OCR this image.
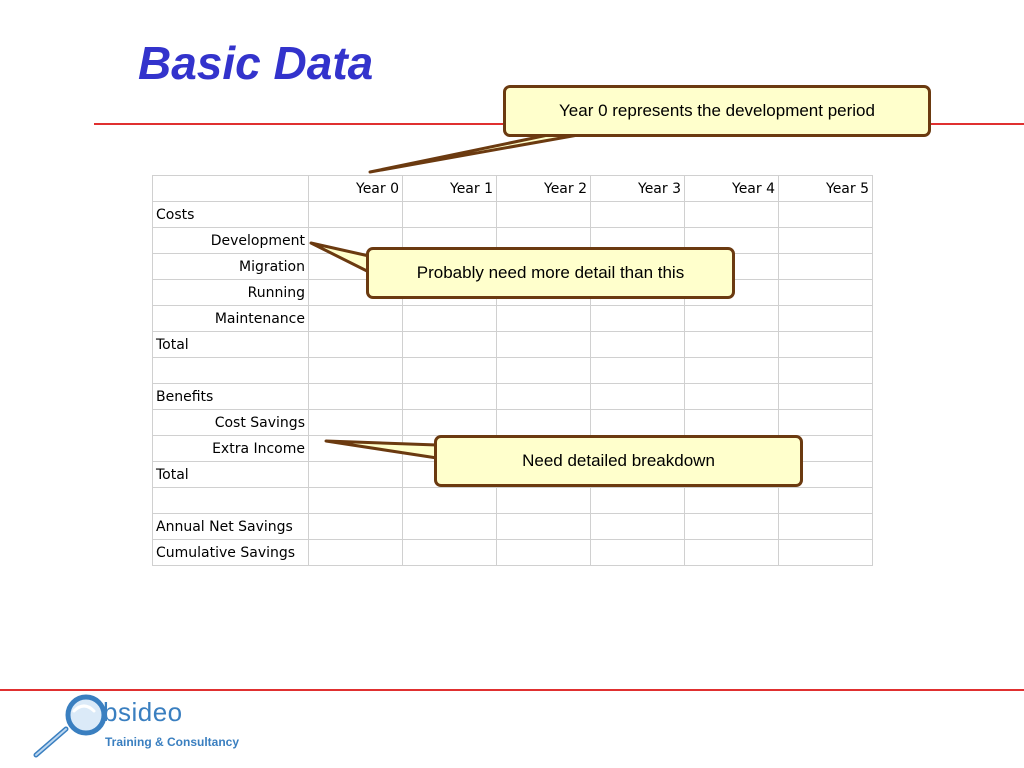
Basic Data
	Year 0	Year 1	Year 2	Year 3	Year 4	Year 5
Costs						
Development						
Migration						
Running						
Maintenance						
Total						

Benefits						
Cost Savings						
Extra Income						
Total						

Annual Net Savings						
Cumulative Savings						
Year 0 represents the development period
Probably need more detail than this
Need detailed breakdown
bsideo
Training & Consultancy
